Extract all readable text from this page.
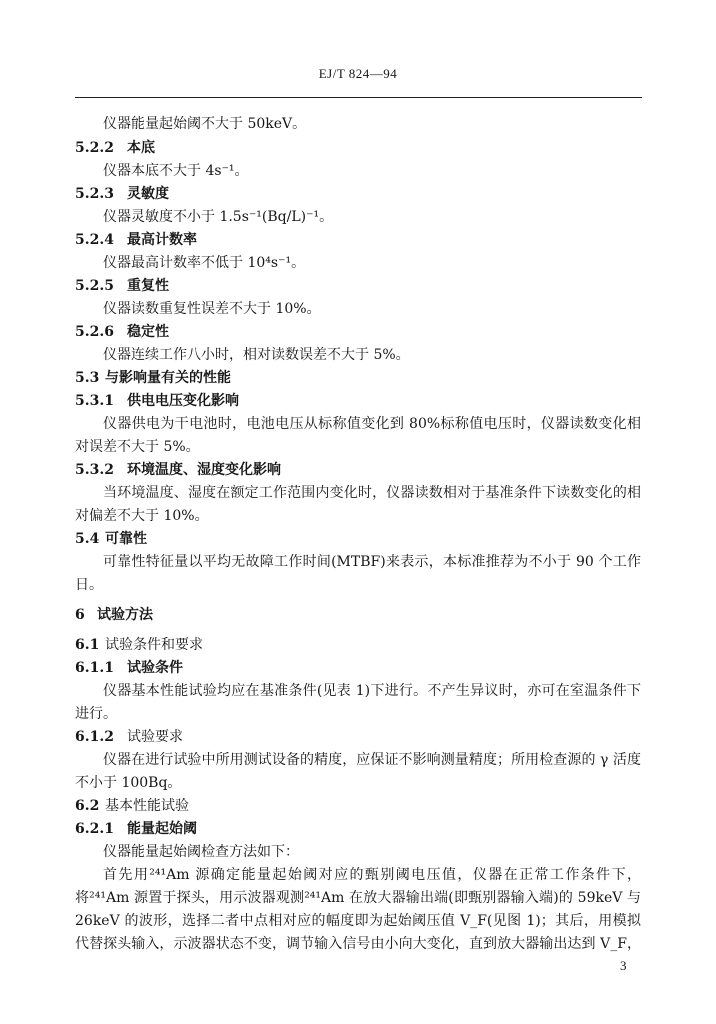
EJ/T 824—94
仪器能量起始阈不大于 50keV。
5.2.2 本底
仪器本底不大于 4s⁻¹。
5.2.3 灵敏度
仪器灵敏度不小于 1.5s⁻¹(Bq/L)⁻¹。
5.2.4 最高计数率
仪器最高计数率不低于 10⁴s⁻¹。
5.2.5 重复性
仪器读数重复性误差不大于 10%。
5.2.6 稳定性
仪器连续工作八小时，相对读数误差不大于 5%。
5.3 与影响量有关的性能
5.3.1 供电电压变化影响
仪器供电为干电池时，电池电压从标称值变化到 80%标称值电压时，仪器读数变化相
对误差不大于 5%。
5.3.2 环境温度、湿度变化影响
当环境温度、湿度在额定工作范围内变化时，仪器读数相对于基准条件下读数变化的相
对偏差不大于 10%。
5.4 可靠性
可靠性特征量以平均无故障工作时间(MTBF)来表示，本标准推荐为不小于 90 个工作
日。
6 试验方法
6.1 试验条件和要求
6.1.1 试验条件
仪器基本性能试验均应在基准条件(见表 1)下进行。不产生异议时，亦可在室温条件下
进行。
6.1.2 试验要求
仪器在进行试验中所用测试设备的精度，应保证不影响测量精度；所用检查源的 γ 活度
不小于 100Bq。
6.2 基本性能试验
6.2.1 能量起始阈
仪器能量起始阈检查方法如下：
首先用²⁴¹Am 源确定能量起始阈对应的甄别阈电压值，仪器在正常工作条件下，
将²⁴¹Am 源置于探头，用示波器观测²⁴¹Am 在放大器输出端(即甄别器输入端)的 59keV 与
26keV 的波形，选择二者中点相对应的幅度即为起始阈压值 V_F(见图 1)；其后，用模拟
代替探头输入，示波器状态不变，调节输入信号由小向大变化，直到放大器输出达到 V_F，
3
